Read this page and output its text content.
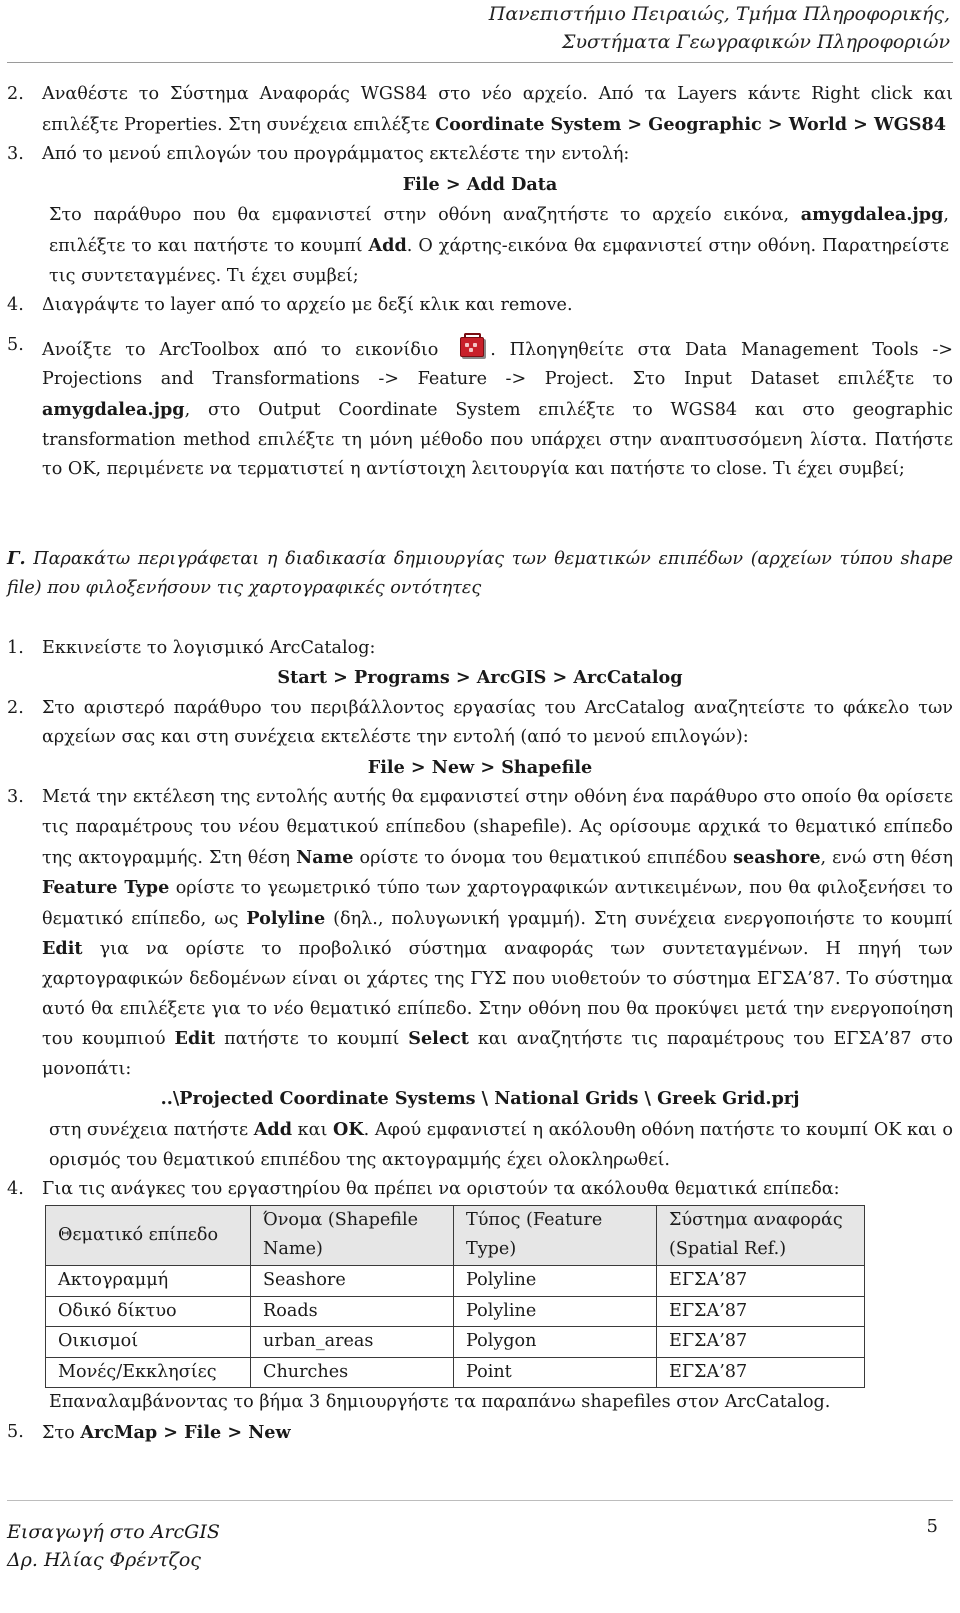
Πανεπιστήμιο Πειραιώς, Τμήμα Πληροφορικής,
Συστήματα Γεωγραφικών Πληροφοριών
2. Αναθέστε το Σύστημα Αναφοράς WGS84 στο νέο αρχείο. Από τα Layers κάντε Right click και επιλέξτε Properties. Στη συνέχεια επιλέξτε Coordinate System > Geographic > World > WGS84
3. Από το μενού επιλογών του προγράμματος εκτελέστε την εντολή:
File > Add Data
Στο παράθυρο που θα εμφανιστεί στην οθόνη αναζητήστε το αρχείο εικόνα, amygdalea.jpg, επιλέξτε το και πατήστε το κουμπί Add. Ο χάρτης-εικόνα θα εμφανιστεί στην οθόνη. Παρατηρείστε τις συντεταγμένες. Τι έχει συμβεί;
4. Διαγράψτε το layer από το αρχείο με δεξί κλικ και remove.
5. Ανοίξτε το ArcToolbox από το εικονίδιο
. Πλοηγηθείτε στα Data Management Tools -> Projections and Transformations -> Feature -> Project. Στο Input Dataset επιλέξτε το amygdalea.jpg, στο Output Coordinate System επιλέξτε το WGS84 και στο geographic transformation method επιλέξτε τη μόνη μέθοδο που υπάρχει στην αναπτυσσόμενη λίστα. Πατήστε το OK, περιμένετε να τερματιστεί η αντίστοιχη λειτουργία και πατήστε το close. Τι έχει συμβεί;
Γ. Παρακάτω περιγράφεται η διαδικασία δημιουργίας των θεματικών επιπέδων (αρχείων τύπου shape file) που φιλοξενήσουν τις χαρτογραφικές οντότητες
1. Εκκινείστε το λογισμικό ArcCatalog:
Start > Programs > ArcGIS > ArcCatalog
2. Στο αριστερό παράθυρο του περιβάλλοντος εργασίας του ArcCatalog αναζητείστε το φάκελο των αρχείων σας και στη συνέχεια εκτελέστε την εντολή (από το μενού επιλογών):
File > New > Shapefile
3. Μετά την εκτέλεση της εντολής αυτής θα εμφανιστεί στην οθόνη ένα παράθυρο στο οποίο θα ορίσετε τις παραμέτρους του νέου θεματικού επίπεδου (shapefile). Ας ορίσουμε αρχικά το θεματικό επίπεδο της ακτογραμμής. Στη θέση Name ορίστε το όνομα του θεματικού επιπέδου seashore, ενώ στη θέση Feature Type ορίστε το γεωμετρικό τύπο των χαρτογραφικών αντικειμένων, που θα φιλοξενήσει το θεματικό επίπεδο, ως Polyline (δηλ., πολυγωνική γραμμή). Στη συνέχεια ενεργοποιήστε το κουμπί Edit για να ορίστε το προβολικό σύστημα αναφοράς των συντεταγμένων. Η πηγή των χαρτογραφικών δεδομένων είναι οι χάρτες της ΓΥΣ που υιοθετούν το σύστημα ΕΓΣΑ’87. Το σύστημα αυτό θα επιλέξετε για το νέο θεματικό επίπεδο. Στην οθόνη που θα προκύψει μετά την ενεργοποίηση του κουμπιού Edit πατήστε το κουμπί Select και αναζητήστε τις παραμέτρους του ΕΓΣΑ’87 στο μονοπάτι:
..\Projected Coordinate Systems \ National Grids \ Greek Grid.prj
στη συνέχεια πατήστε Add και OK. Αφού εμφανιστεί η ακόλουθη οθόνη πατήστε το κουμπί OK και ο ορισμός του θεματικού επιπέδου της ακτογραμμής έχει ολοκληρωθεί.
4. Για τις ανάγκες του εργαστηρίου θα πρέπει να οριστούν τα ακόλουθα θεματικά επίπεδα:
Θεματικό επίπεδο	Όνομα (Shapefile Name)	Τύπος (Feature Type)	Σύστημα αναφοράς (Spatial Ref.)
Ακτογραμμή	Seashore	Polyline	ΕΓΣΑ’87
Οδικό δίκτυο	Roads	Polyline	ΕΓΣΑ’87
Οικισμοί	urban_areas	Polygon	ΕΓΣΑ’87
Μονές/Εκκλησίες	Churches	Point	ΕΓΣΑ’87
Επαναλαμβάνοντας το βήμα 3 δημιουργήστε τα παραπάνω shapefiles στον ArcCatalog.
5. Στο ArcMap > File > New
Εισαγωγή στο ArcGIS
Δρ. Ηλίας Φρέντζος
5
